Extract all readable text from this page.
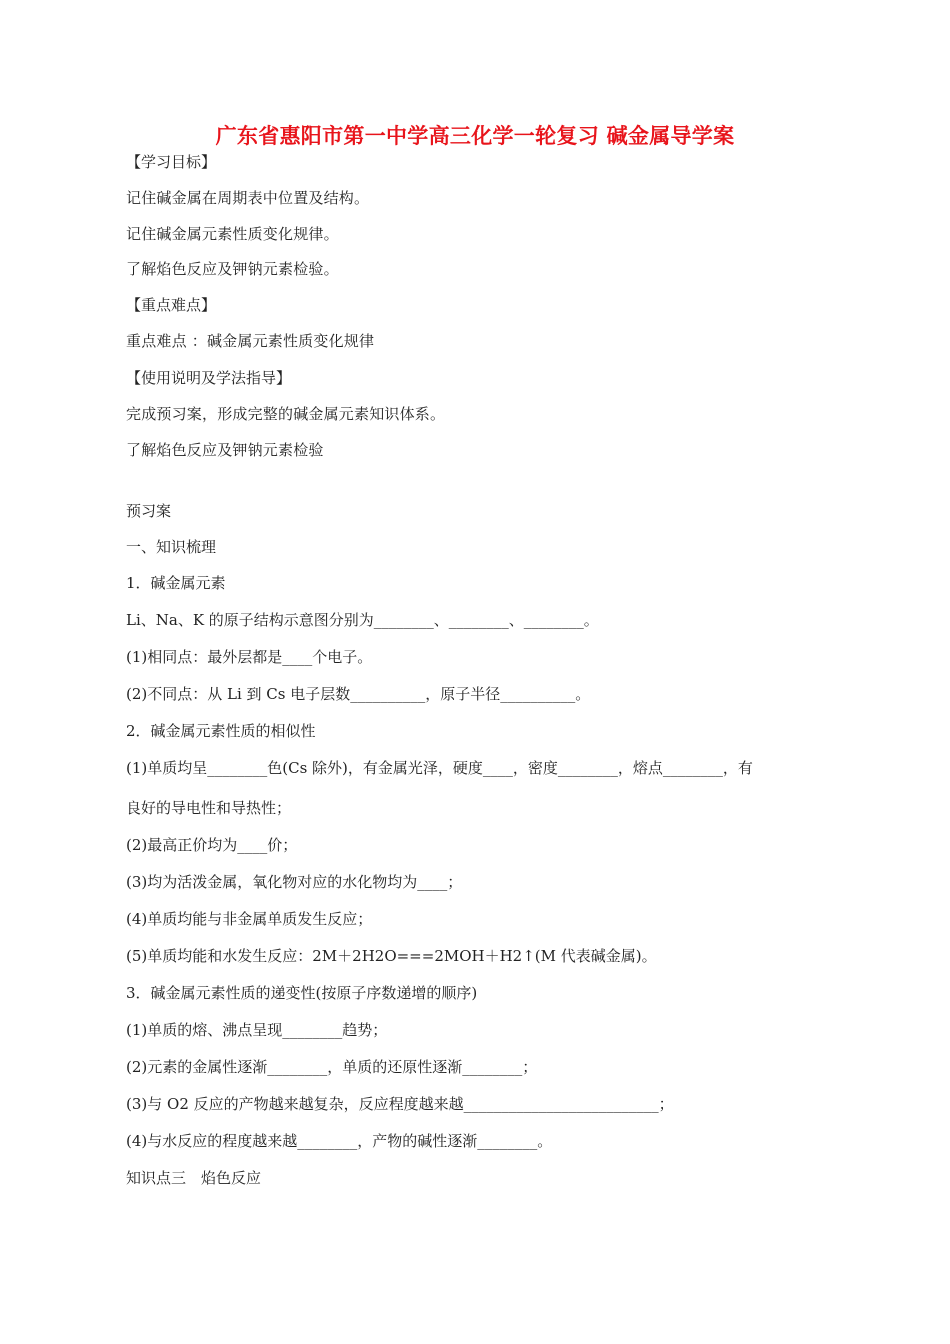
广东省惠阳市第一中学高三化学一轮复习 碱金属导学案
【学习目标】
记住碱金属在周期表中位置及结构。
记住碱金属元素性质变化规律。
了解焰色反应及钾钠元素检验。
【重点难点】
重点难点 ：碱金属元素性质变化规律
【使用说明及学法指导】
完成预习案，形成完整的碱金属元素知识体系。
了解焰色反应及钾钠元素检验
预习案
一、知识梳理
1．碱金属元素
Li、Na、K 的原子结构示意图分别为________、________、________。
(1)相同点：最外层都是____个电子。
(2)不同点：从 Li 到 Cs 电子层数__________，原子半径__________。
2．碱金属元素性质的相似性
(1)单质均呈________色(Cs 除外)，有金属光泽，硬度____，密度________，熔点________，有
良好的导电性和导热性；
(2)最高正价均为____价；
(3)均为活泼金属，氧化物对应的水化物均为____；
(4)单质均能与非金属单质发生反应；
(5)单质均能和水发生反应：2M＋2H2O===2MOH＋H2↑(M 代表碱金属)。
3．碱金属元素性质的递变性(按原子序数递增的顺序)
(1)单质的熔、沸点呈现________趋势；
(2)元素的金属性逐渐________，单质的还原性逐渐________；
(3)与 O2 反应的产物越来越复杂，反应程度越来越__________________________；
(4)与水反应的程度越来越________，产物的碱性逐渐________。
知识点三　焰色反应
